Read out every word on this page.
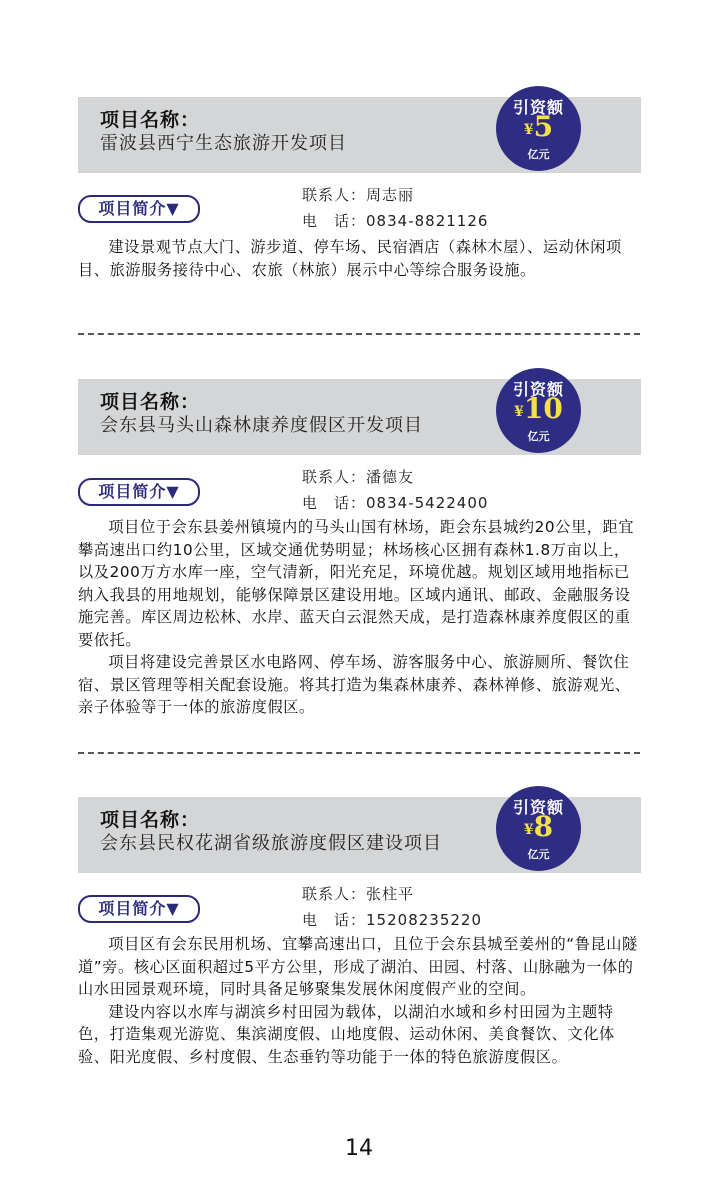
项目名称：
雷波县西宁生态旅游开发项目
引资额
¥5
亿元
项目简介▼
联系人：周志丽
电　话：0834-8821126

建设景观节点大门、游步道、停车场、民宿酒店（森林木屋）、运动休闲项目、旅游服务接待中心、农旅（林旅）展示中心等综合服务设施。

项目名称：
会东县马头山森林康养度假区开发项目
引资额
¥10
亿元
项目简介▼
联系人：潘德友
电　话：0834-5422400

项目位于会东县姜州镇境内的马头山国有林场，距会东县城约20公里，距宜攀高速出口约10公里，区域交通优势明显；林场核心区拥有森林1.8万亩以上，以及200万方水库一座，空气清新，阳光充足，环境优越。规划区域用地指标已纳入我县的用地规划，能够保障景区建设用地。区域内通讯、邮政、金融服务设施完善。库区周边松林、水岸、蓝天白云混然天成，是打造森林康养度假区的重要依托。

项目将建设完善景区水电路网、停车场、游客服务中心、旅游厕所、餐饮住宿、景区管理等相关配套设施。将其打造为集森林康养、森林禅修、旅游观光、亲子体验等于一体的旅游度假区。

项目名称：
会东县民权花湖省级旅游度假区建设项目
引资额
¥8
亿元
项目简介▼
联系人：张柱平
电　话：15208235220

项目区有会东民用机场、宜攀高速出口，且位于会东县城至姜州的“鲁昆山隧道”旁。核心区面积超过5平方公里，形成了湖泊、田园、村落、山脉融为一体的山水田园景观环境，同时具备足够聚集发展休闲度假产业的空间。

建设内容以水库与湖滨乡村田园为载体，以湖泊水域和乡村田园为主题特色，打造集观光游览、集滨湖度假、山地度假、运动休闲、美食餐饮、文化体验、阳光度假、乡村度假、生态垂钓等功能于一体的特色旅游度假区。

14
